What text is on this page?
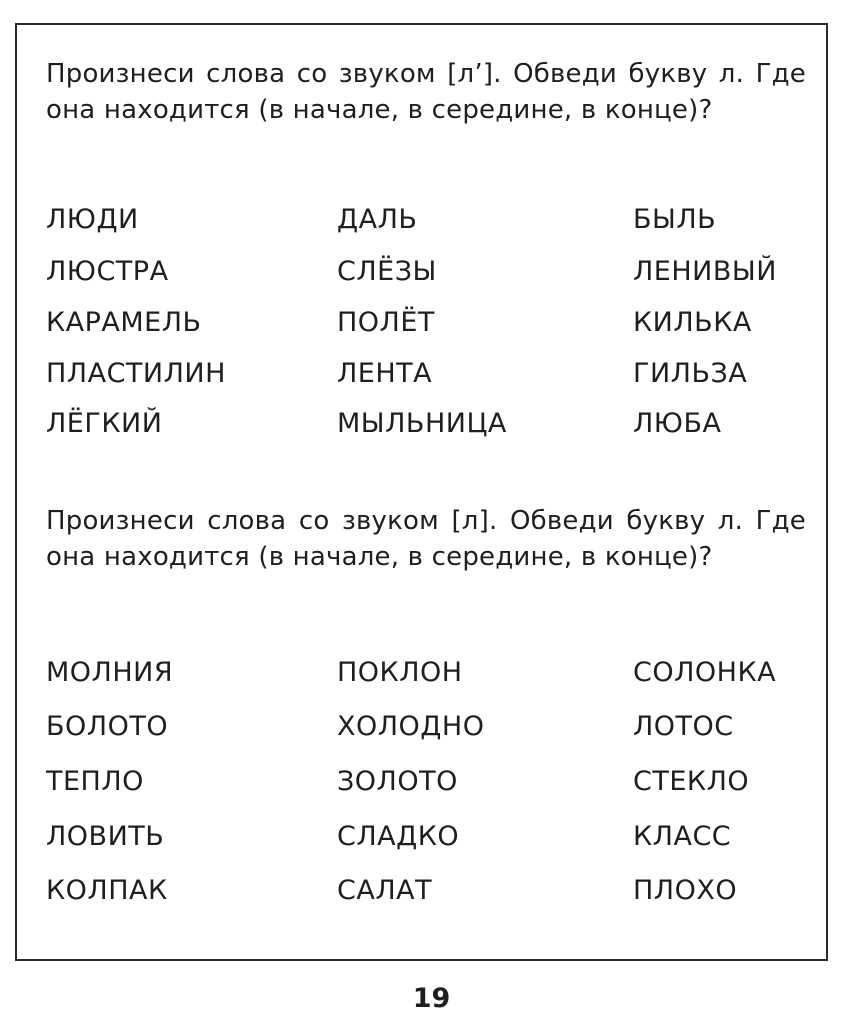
Произнеси слова со звуком [л’]. Обведи букву л. Где она находится (в начале, в середине, в конце)?
ЛЮДИ
ЛЮСТРА
КАРАМЕЛЬ
ПЛАСТИЛИН
ЛЁГКИЙ
ДАЛЬ
СЛЁЗЫ
ПОЛЁТ
ЛЕНТА
МЫЛЬНИЦА
БЫЛЬ
ЛЕНИВЫЙ
КИЛЬКА
ГИЛЬЗА
ЛЮБА
Произнеси слова со звуком [л]. Обведи букву л. Где она находится (в начале, в середине, в конце)?
МОЛНИЯ
БОЛОТО
ТЕПЛО
ЛОВИТЬ
КОЛПАК
ПОКЛОН
ХОЛОДНО
ЗОЛОТО
СЛАДКО
САЛАТ
СОЛОНКА
ЛОТОС
СТЕКЛО
КЛАСС
ПЛОХО
19
